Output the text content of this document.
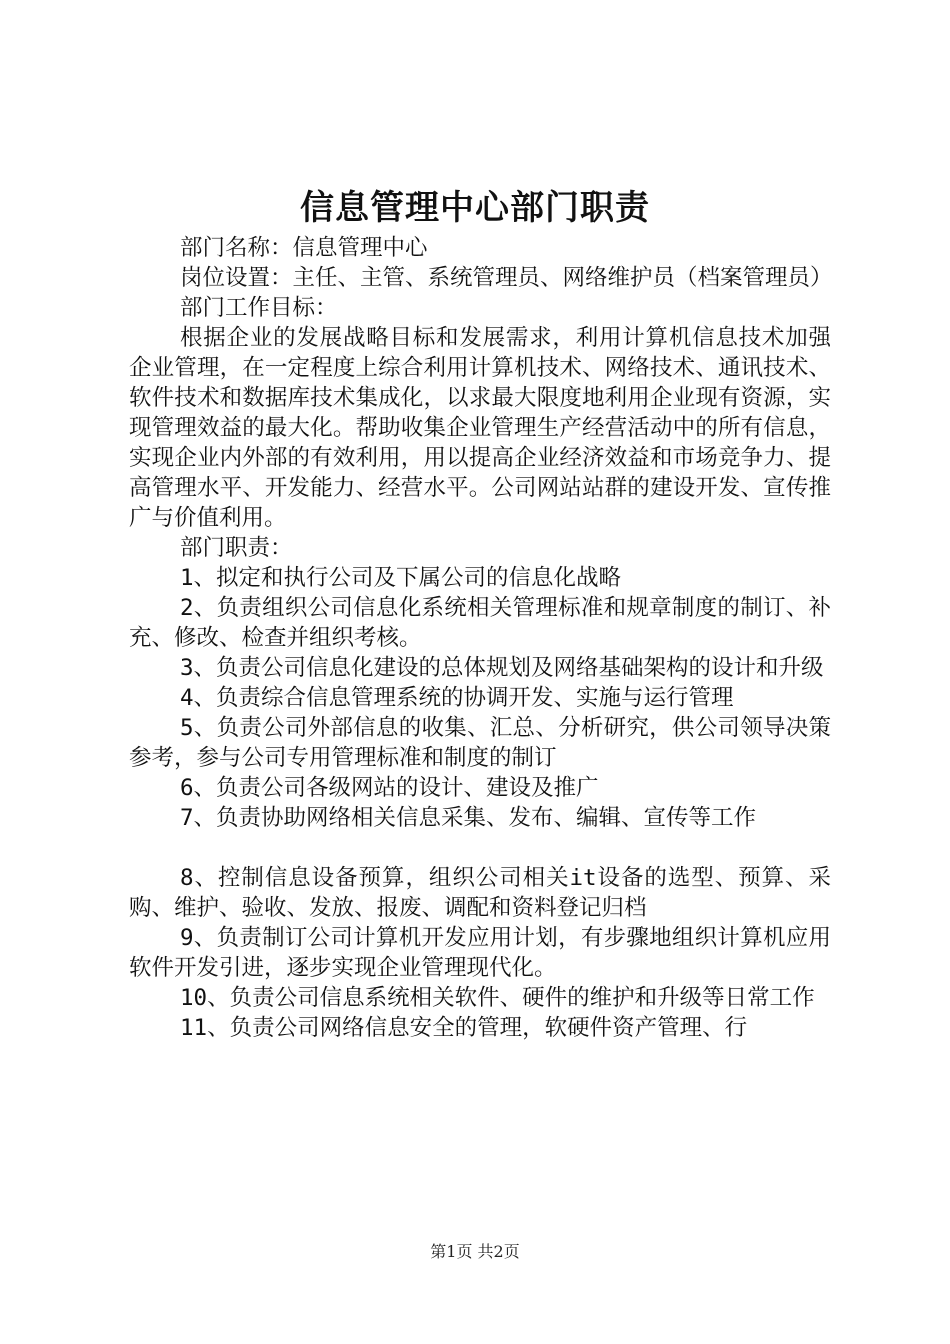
信息管理中心部门职责

部门名称：信息管理中心

岗位设置：主任、主管、系统管理员、网络维护员（档案管理员）

部门工作目标：

根据企业的发展战略目标和发展需求，利用计算机信息技术加强企业管理，在一定程度上综合利用计算机技术、网络技术、通讯技术、软件技术和数据库技术集成化，以求最大限度地利用企业现有资源，实现管理效益的最大化。帮助收集企业管理生产经营活动中的所有信息，实现企业内外部的有效利用，用以提高企业经济效益和市场竞争力、提高管理水平、开发能力、经营水平。公司网站站群的建设开发、宣传推广与价值利用。

部门职责：

1、拟定和执行公司及下属公司的信息化战略

2、负责组织公司信息化系统相关管理标准和规章制度的制订、补充、修改、检查并组织考核。

3、负责公司信息化建设的总体规划及网络基础架构的设计和升级

4、负责综合信息管理系统的协调开发、实施与运行管理

5、负责公司外部信息的收集、汇总、分析研究，供公司领导决策参考，参与公司专用管理标准和制度的制订

6、负责公司各级网站的设计、建设及推广

7、负责协助网络相关信息采集、发布、编辑、宣传等工作

8、控制信息设备预算，组织公司相关it设备的选型、预算、采购、维护、验收、发放、报废、调配和资料登记归档

9、负责制订公司计算机开发应用计划，有步骤地组织计算机应用软件开发引进，逐步实现企业管理现代化。

10、负责公司信息系统相关软件、硬件的维护和升级等日常工作

11、负责公司网络信息安全的管理，软硬件资产管理、行

第1页 共2页
